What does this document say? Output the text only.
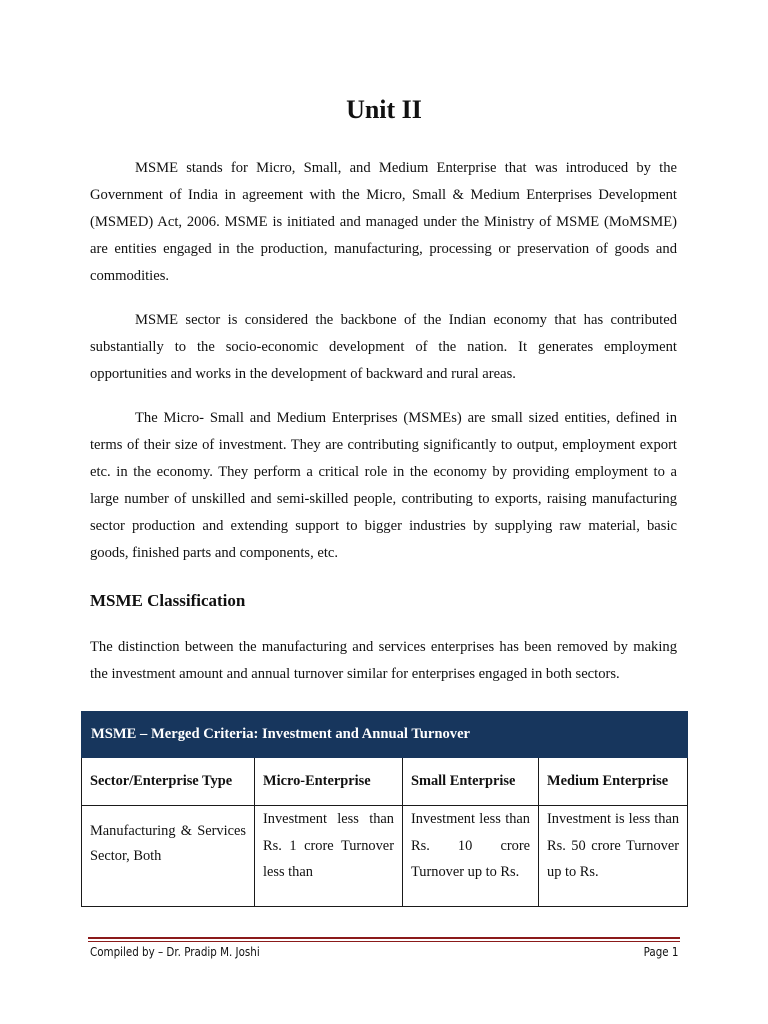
Unit II

MSME stands for Micro, Small, and Medium Enterprise that was introduced by the Government of India in agreement with the Micro, Small & Medium Enterprises Development (MSMED) Act, 2006. MSME is initiated and managed under the Ministry of MSME (MoMSME) are entities engaged in the production, manufacturing, processing or preservation of goods and commodities.

MSME sector is considered the backbone of the Indian economy that has contributed substantially to the socio-economic development of the nation. It generates employment opportunities and works in the development of backward and rural areas.

The Micro- Small and Medium Enterprises (MSMEs) are small sized entities, defined in terms of their size of investment. They are contributing significantly to output, employment export etc. in the economy. They perform a critical role in the economy by providing employment to a large number of unskilled and semi-skilled people, contributing to exports, raising manufacturing sector production and extending support to bigger industries by supplying raw material, basic goods, finished parts and components, etc.

MSME Classification

The distinction between the manufacturing and services enterprises has been removed by making the investment amount and annual turnover similar for enterprises engaged in both sectors.

MSME – Merged Criteria: Investment and Annual Turnover			
Sector/Enterprise Type	Micro-Enterprise	Small Enterprise	Medium Enterprise

Manufacturing & Services Sector, Both	Investment less than Rs. 1 crore Turnover less than	Investment less than Rs. 10 crore Turnover up to Rs.	Investment is less than Rs. 50 crore Turnover up to Rs.
Compiled by – Dr. Pradip M. Joshi	Page 1
